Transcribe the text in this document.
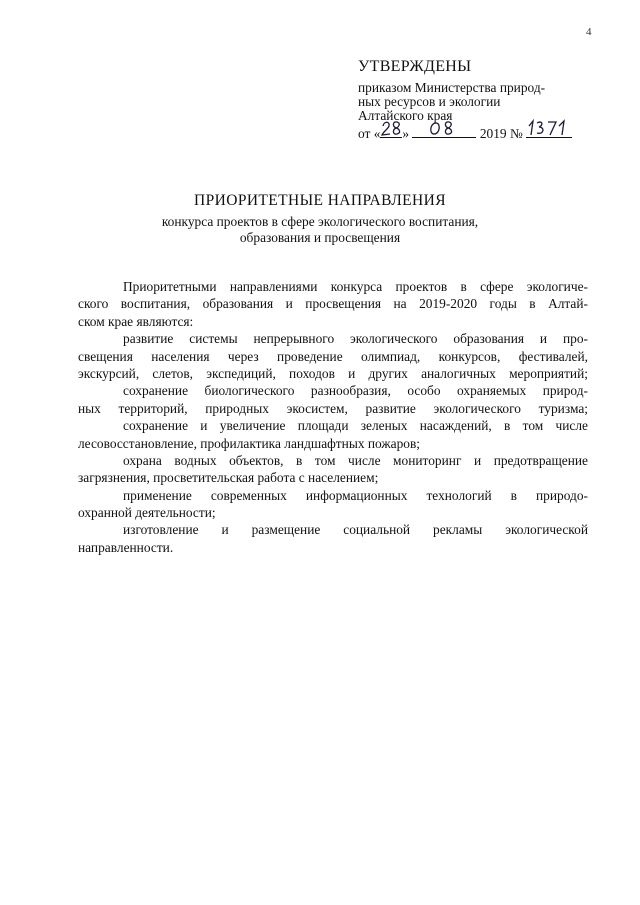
4
УТВЕРЖДЕНЫ
приказом Министерства природ-
ных ресурсов и экологии
Алтайского края
от « »	2019 №
ПРИОРИТЕТНЫЕ НАПРАВЛЕНИЯ
конкурса проектов в сфере экологического воспитания,
образования и просвещения
Приоритетными направлениями конкурса проектов в сфере экологиче-
ского воспитания, образования и просвещения на 2019-2020 годы в Алтай-
ском крае являются:
развитие системы непрерывного экологического образования и про-
свещения населения через проведение олимпиад, конкурсов, фестивалей,
экскурсий, слетов, экспедиций, походов и других аналогичных мероприятий;
сохранение биологического разнообразия, особо охраняемых природ-
ных территорий, природных экосистем, развитие экологического туризма;
сохранение и увеличение площади зеленых насаждений, в том числе
лесовосстановление, профилактика ландшафтных пожаров;
охрана водных объектов, в том числе мониторинг и предотвращение
загрязнения, просветительская работа с населением;
применение современных информационных технологий в природо-
охранной деятельности;
изготовление и размещение социальной рекламы экологической
направленности.
